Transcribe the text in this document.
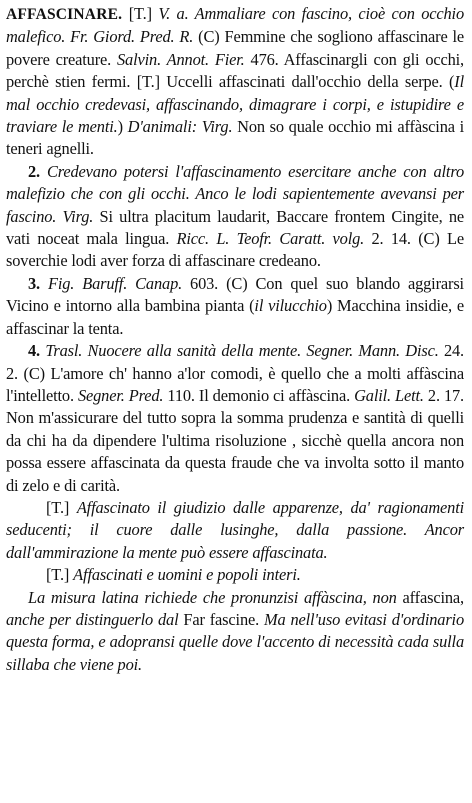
AFFASCINARE. [T.] V. a. Ammaliare con fascino, cioè con occhio malefico. Fr. Giord. Pred. R. (C) Femmine che sogliono affascinare le povere creature. Salvin. Annot. Fier. 476. Affascinargli con gli occhi, perchè stien fermi. [T.] Uccelli affascinati dall'occhio della serpe. (Il mal occhio credevasi, affascinando, dimagrare i corpi, e istupidire e traviare le menti.) D'animali: Virg. Non so quale occhio mi affàscina i teneri agnelli.

2. Credevano potersi l'affascinamento esercitare anche con altro malefizio che con gli occhi. Anco le lodi sapientemente avevansi per fascino. Virg. Si ultra placitum laudarit, Baccare frontem Cingite, ne vati noceat mala lingua. Ricc. L. Teofr. Caratt. volg. 2. 14. (C) Le soverchie lodi aver forza di affascinare credeano.

3. Fig. Baruff. Canap. 603. (C) Con quel suo blando aggirarsi Vicino e intorno alla bambina pianta (il vilucchio) Macchina insidie, e affascinar la tenta.

4. Trasl. Nuocere alla sanità della mente. Segner. Mann. Disc. 24. 2. (C) L'amore ch' hanno a'lor comodi, è quello che a molti affàscina l'intelletto. Segner. Pred. 110. Il demonio ci affàscina. Galil. Lett. 2. 17. Non m'assicurare del tutto sopra la somma prudenza e santità di quelli da chi ha da dipendere l'ultima risoluzione , sicchè quella ancora non possa essere affascinata da questa fraude che va involta sotto il manto di zelo e di carità.

[T.] Affascinato il giudizio dalle apparenze, da' ragionamenti seducenti; il cuore dalle lusinghe, dalla passione. Ancor dall'ammirazione la mente può essere affascinata.

[T.] Affascinati e uomini e popoli interi.

La misura latina richiede che pronunzisi affàscina, non affascina, anche per distinguerlo dal Far fascine. Ma nell'uso evitasi d'ordinario questa forma, e adopransi quelle dove l'accento di necessità cada sulla sillaba che viene poi.
